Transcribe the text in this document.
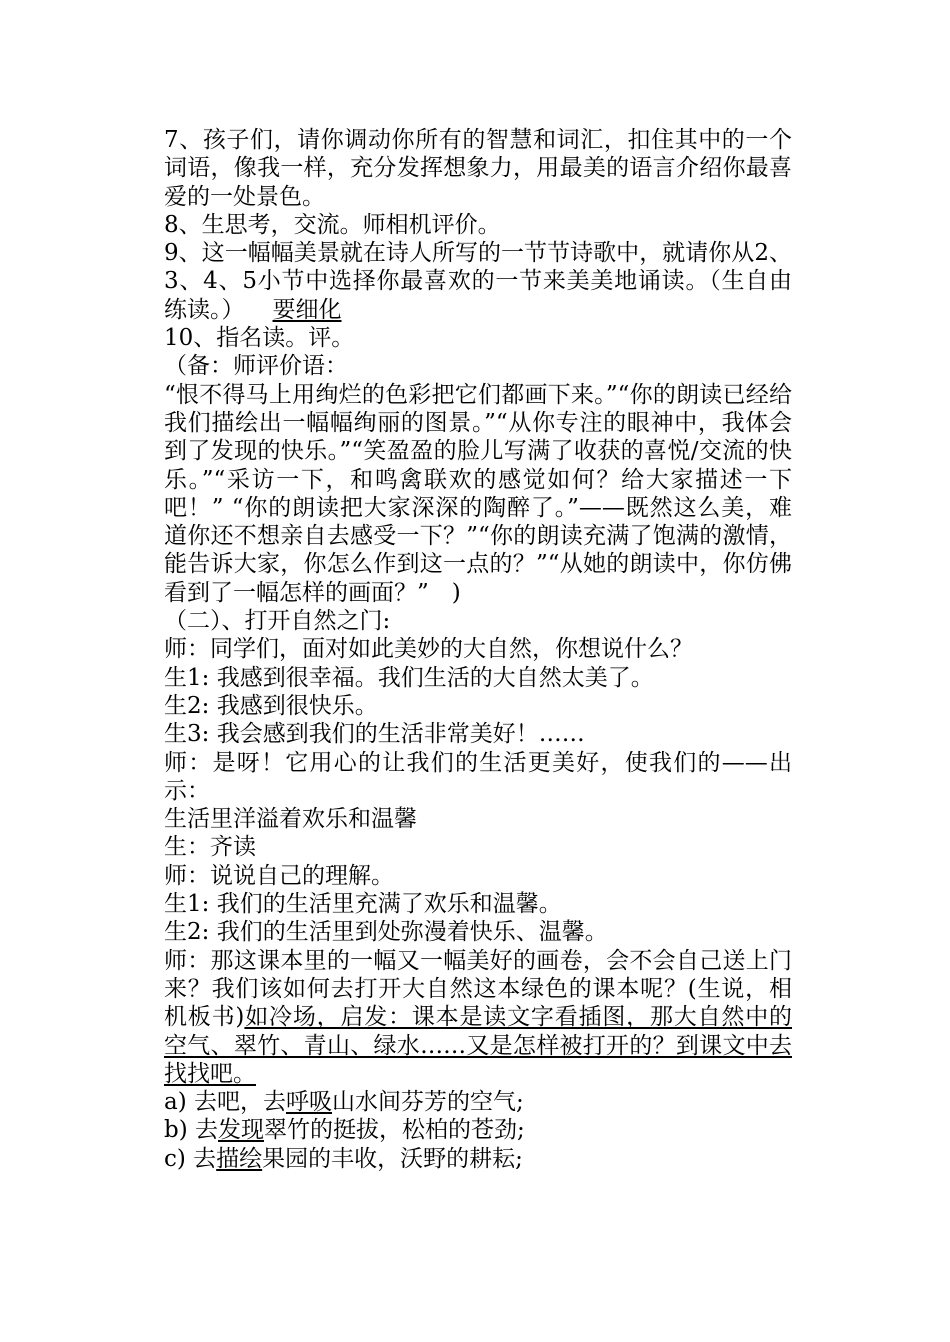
7、孩子们，请你调动你所有的智慧和词汇，扣住其中的一个词语，像我一样，充分发挥想象力，用最美的语言介绍你最喜爱的一处景色。

8、生思考，交流。师相机评价。

9、这一幅幅美景就在诗人所写的一节节诗歌中，就请你从2、3、4、5小节中选择你最喜欢的一节来美美地诵读。（生自由练读。） 要细化

10、指名读。评。

（备：师评价语：

“恨不得马上用绚烂的色彩把它们都画下来。”“你的朗读已经给我们描绘出一幅幅绚丽的图景。”“从你专注的眼神中，我体会到了发现的快乐。”“笑盈盈的脸儿写满了收获的喜悦/交流的快乐。”“采访一下，和鸣禽联欢的感觉如何？给大家描述一下吧！” “你的朗读把大家深深的陶醉了。”——既然这么美，难道你还不想亲自去感受一下？”“你的朗读充满了饱满的激情，能告诉大家，你怎么作到这一点的？”“从她的朗读中，你仿佛看到了一幅怎样的画面？”　)

（二）、打开自然之门:

师：同学们，面对如此美妙的大自然，你想说什么？

生1: 我感到很幸福。我们生活的大自然太美了。

生2: 我感到很快乐。

生3: 我会感到我们的生活非常美好！……

师：是呀！它用心的让我们的生活更美好，使我们的——出示：

生活里洋溢着欢乐和温馨

生：齐读

师：说说自己的理解。

生1: 我们的生活里充满了欢乐和温馨。

生2: 我们的生活里到处弥漫着快乐、温馨。

师：那这课本里的一幅又一幅美好的画卷，会不会自己送上门来？我们该如何去打开大自然这本绿色的课本呢？(生说，相机板书)如冷场，启发：课本是读文字看插图，那大自然中的空气、翠竹、青山、绿水……又是怎样被打开的？到课文中去找找吧。

a) 去吧，去呼吸山水间芬芳的空气;

b) 去发现翠竹的挺拔，松柏的苍劲;

c) 去描绘果园的丰收，沃野的耕耘;
